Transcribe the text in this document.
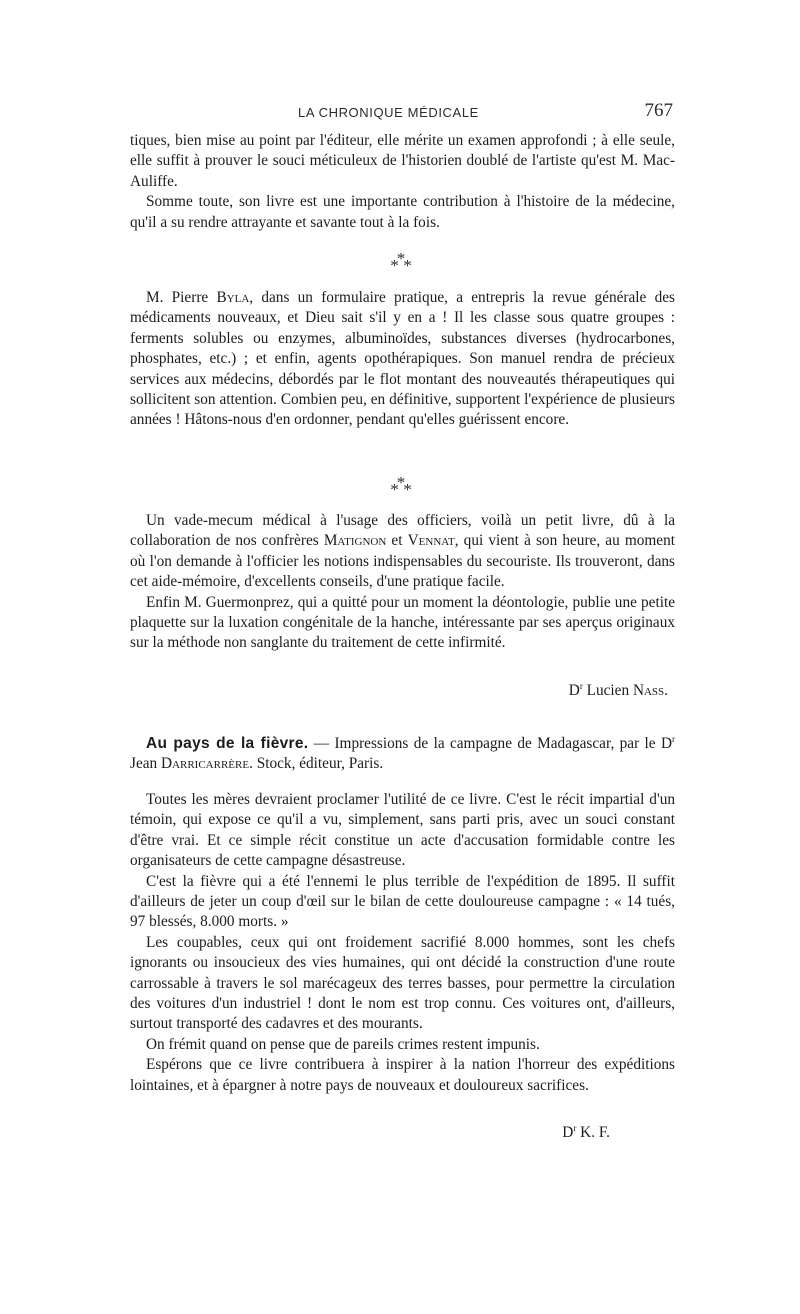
LA CHRONIQUE MÉDICALE	767

tiques, bien mise au point par l'éditeur, elle mérite un examen approfondi ; à elle seule, elle suffit à prouver le souci méticuleux de l'historien doublé de l'artiste qu'est M. Mac-Auliffe.

Somme toute, son livre est une importante contribution à l'histoire de la médecine, qu'il a su rendre attrayante et savante tout à la fois.

***

M. Pierre Byla, dans un formulaire pratique, a entrepris la revue générale des médicaments nouveaux, et Dieu sait s'il y en a ! Il les classe sous quatre groupes : ferments solubles ou enzymes, albuminoïdes, substances diverses (hydrocarbones, phosphates, etc.) ; et enfin, agents opothérapiques. Son manuel rendra de précieux services aux médecins, débordés par le flot montant des nouveautés thérapeutiques qui sollicitent son attention. Combien peu, en définitive, supportent l'expérience de plusieurs années ! Hâtons-nous d'en ordonner, pendant qu'elles guérissent encore.

***

Un vade-mecum médical à l'usage des officiers, voilà un petit livre, dû à la collaboration de nos confrères Matignon et Vennat, qui vient à son heure, au moment où l'on demande à l'officier les notions indispensables du secouriste. Ils trouveront, dans cet aide-mémoire, d'excellents conseils, d'une pratique facile.

Enfin M. Guermonprez, qui a quitté pour un moment la déontologie, publie une petite plaquette sur la luxation congénitale de la hanche, intéressante par ses aperçus originaux sur la méthode non sanglante du traitement de cette infirmité.

$D^r$ Lucien Nass.

Au pays de la fièvre. — Impressions de la campagne de Madagascar, par le $D^r$ Jean Darricarrère. Stock, éditeur, Paris.

Toutes les mères devraient proclamer l'utilité de ce livre. C'est le récit impartial d'un témoin, qui expose ce qu'il a vu, simplement, sans parti pris, avec un souci constant d'être vrai. Et ce simple récit constitue un acte d'accusation formidable contre les organisateurs de cette campagne désastreuse.

C'est la fièvre qui a été l'ennemi le plus terrible de l'expédition de 1895. Il suffit d'ailleurs de jeter un coup d'œil sur le bilan de cette douloureuse campagne : « 14 tués, 97 blessés, 8.000 morts. »

Les coupables, ceux qui ont froidement sacrifié 8.000 hommes, sont les chefs ignorants ou insoucieux des vies humaines, qui ont décidé la construction d'une route carrossable à travers le sol marécageux des terres basses, pour permettre la circulation des voitures d'un industriel ! dont le nom est trop connu. Ces voitures ont, d'ailleurs, surtout transporté des cadavres et des mourants.

On frémit quand on pense que de pareils crimes restent impunis.

Espérons que ce livre contribuera à inspirer à la nation l'horreur des expéditions lointaines, et à épargner à notre pays de nouveaux et douloureux sacrifices.

$D^r$ K. F.
